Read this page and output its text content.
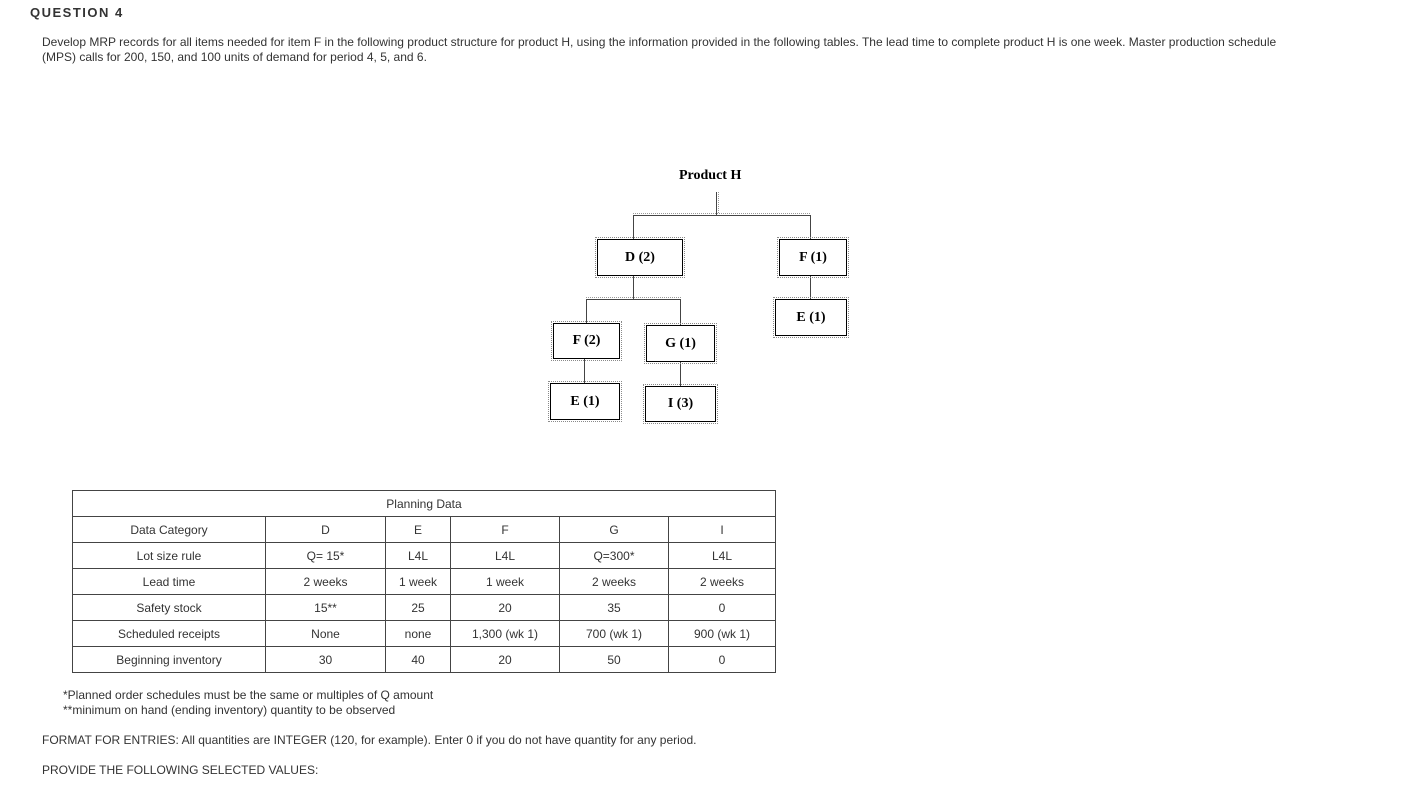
QUESTION 4
Develop MRP records for all items needed for item F in the following product structure for product H, using the information provided in the following tables. The lead time to complete product H is one week. Master production schedule (MPS) calls for 200, 150, and 100 units of demand for period 4, 5, and 6.
Product H
D (2)	F (1)
E (1)
F (2)	G (1)
E (1)	I (3)
Planning Data					
Data Category	D	E	F	G	I
Lot size rule	Q= 15*	L4L	L4L	Q=300*	L4L
Lead time	2 weeks	1 week	1 week	2 weeks	2 weeks
Safety stock	15**	25	20	35	0
Scheduled receipts	None	none	1,300 (wk 1)	700 (wk 1)	900 (wk 1)
Beginning inventory	30	40	20	50	0
*Planned order schedules must be the same or multiples of Q amount
**minimum on hand (ending inventory) quantity to be observed
FORMAT FOR ENTRIES: All quantities are INTEGER (120, for example). Enter 0 if you do not have quantity for any period.
PROVIDE THE FOLLOWING SELECTED VALUES:
